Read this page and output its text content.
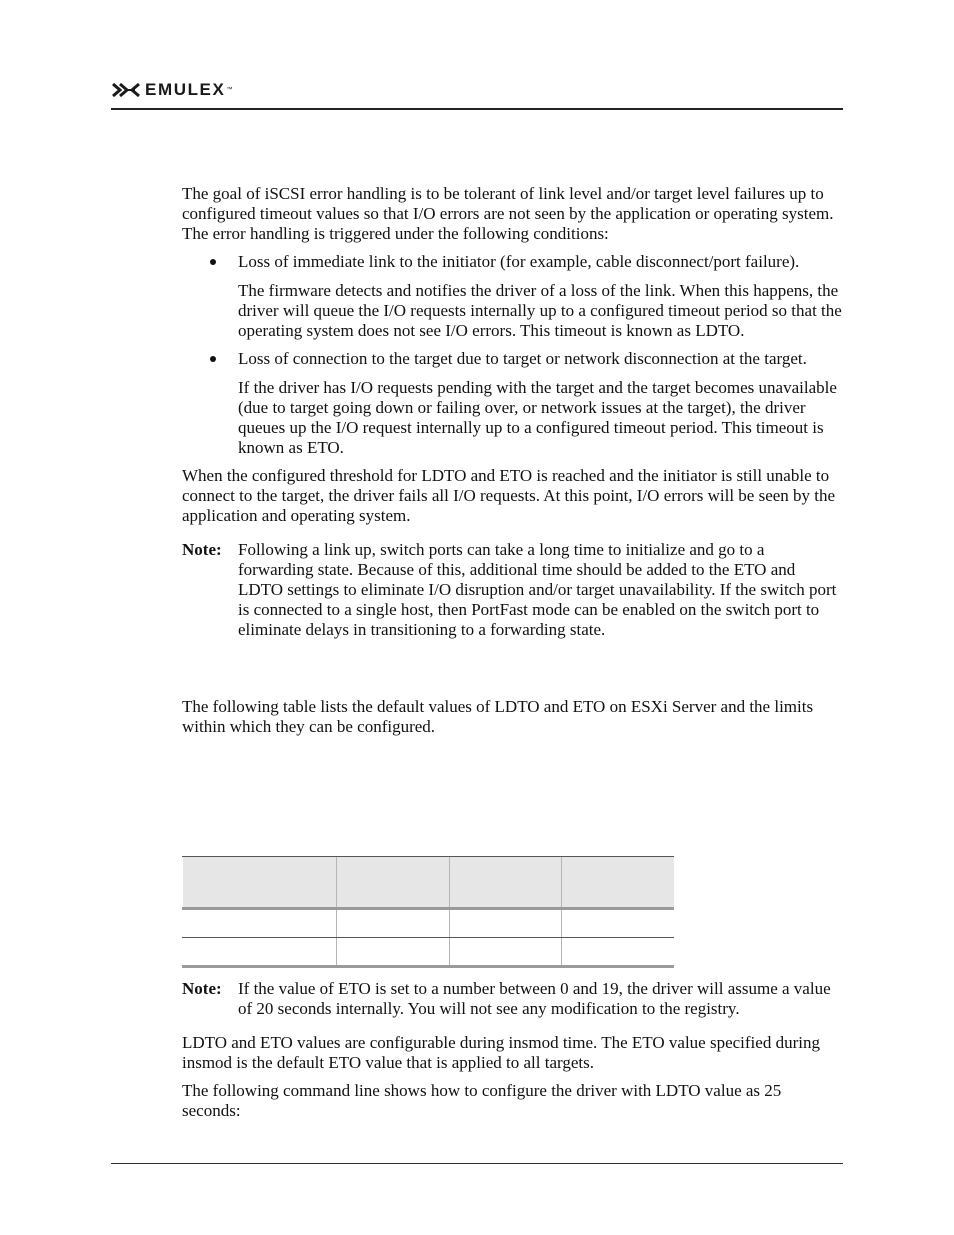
EMULEX ™

The goal of iSCSI error handling is to be tolerant of link level and/or target level failures up to configured timeout values so that I/O errors are not seen by the application or operating system. The error handling is triggered under the following conditions:

Loss of immediate link to the initiator (for example, cable disconnect/port failure).

The firmware detects and notifies the driver of a loss of the link. When this happens, the driver will queue the I/O requests internally up to a configured timeout period so that the operating system does not see I/O errors. This timeout is known as LDTO.

Loss of connection to the target due to target or network disconnection at the target.

If the driver has I/O requests pending with the target and the target becomes unavailable (due to target going down or failing over, or network issues at the target), the driver queues up the I/O request internally up to a configured timeout period. This timeout is known as ETO.

When the configured threshold for LDTO and ETO is reached and the initiator is still unable to connect to the target, the driver fails all I/O requests. At this point, I/O errors will be seen by the application and operating system.

Note: Following a link up, switch ports can take a long time to initialize and go to a forwarding state. Because of this, additional time should be added to the ETO and LDTO settings to eliminate I/O disruption and/or target unavailability. If the switch port is connected to a single host, then PortFast mode can be enabled on the switch port to eliminate delays in transitioning to a forwarding state.

The following table lists the default values of LDTO and ETO on ESXi Server and the limits within which they can be configured.

Note: If the value of ETO is set to a number between 0 and 19, the driver will assume a value of 20 seconds internally. You will not see any modification to the registry.

LDTO and ETO values are configurable during insmod time. The ETO value specified during insmod is the default ETO value that is applied to all targets.

The following command line shows how to configure the driver with LDTO value as 25 seconds:
